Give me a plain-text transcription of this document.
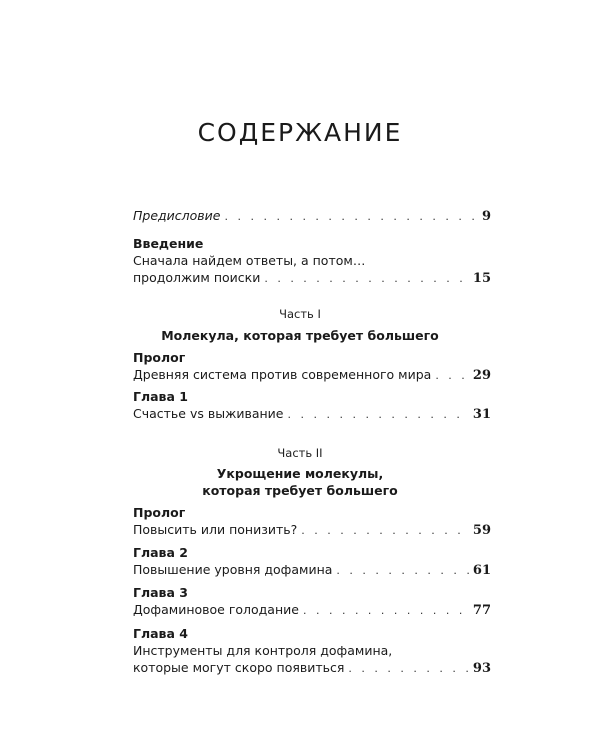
СОДЕРЖАНИЕ
Предисловие . . .	9
Введение
Сначала найдем ответы, а потом…
продолжим поиски . . .	15
Пролог
Древняя система против современного мира . . .	29
Глава 1
Счастье vs выживание . . .	31
Пролог
Повысить или понизить? . . .	59
Глава 2
Повышение уровня дофамина . . .	61
Глава 3
Дофаминовое голодание . . .	77
Глава 4
Инструменты для контроля дофамина,
которые могут скоро появиться . . .	93
Часть I
Молекула, которая требует большего
Часть II
Укрощение молекулы,
которая требует большего
